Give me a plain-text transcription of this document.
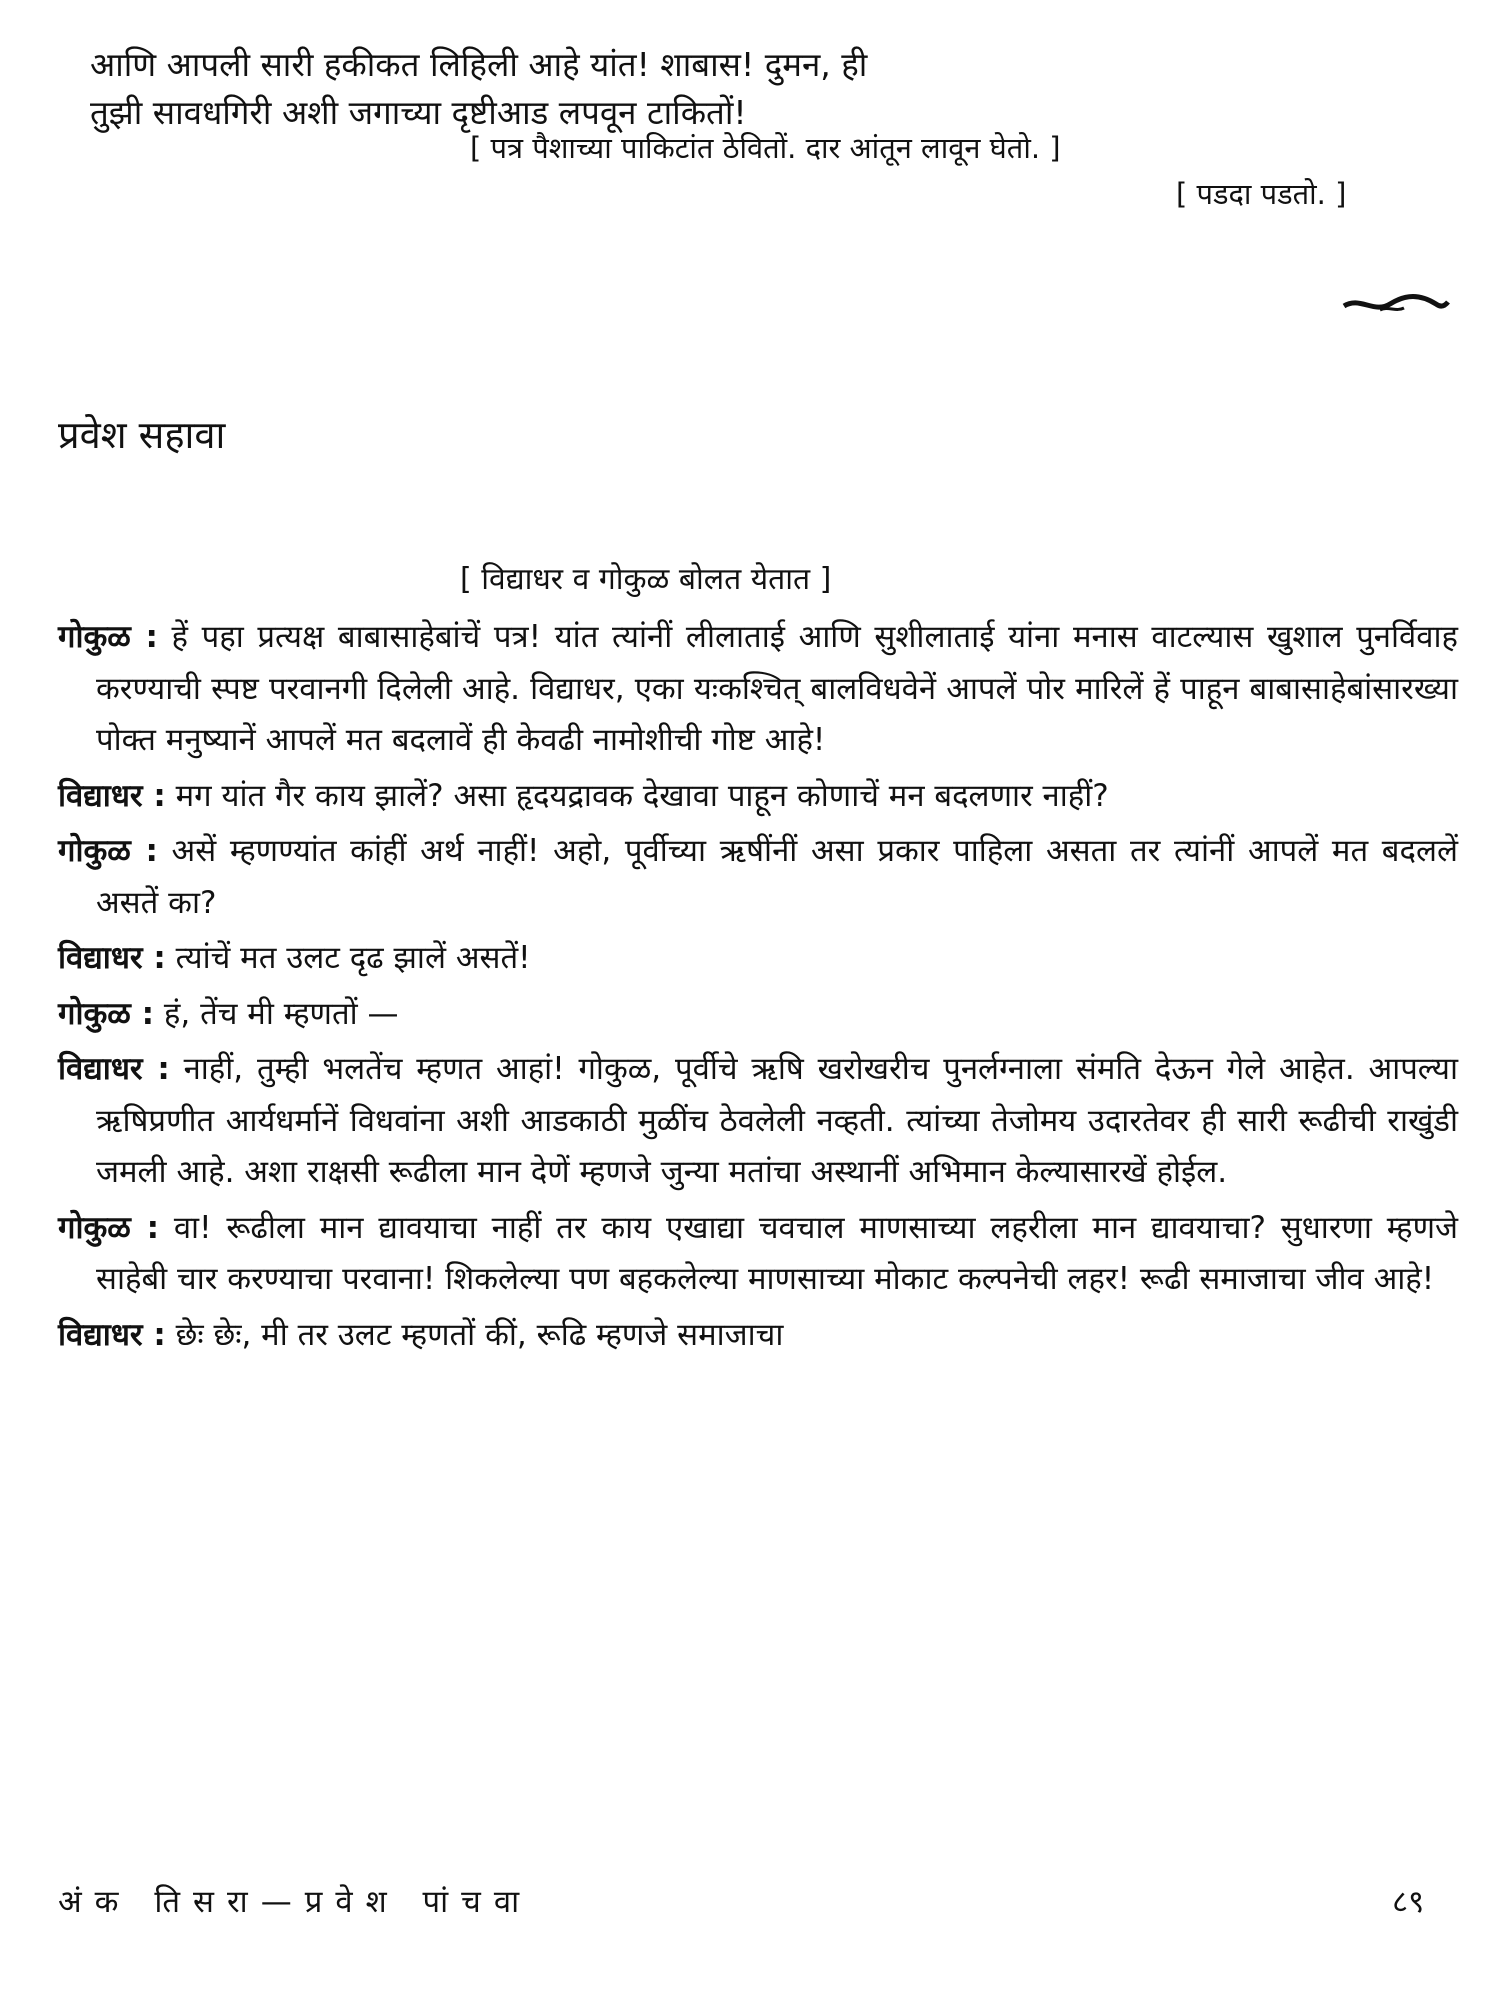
आणि आपली सारी हकीकत लिहिली आहे यांत! शाबास! दुमन, ही
तुझी सावधगिरी अशी जगाच्या दृष्टीआड लपवून टाकितों!
[ पत्र पैशाच्या पाकिटांत ठेवितों. दार आंतून लावून घेतो. ]
[ पडदा पडतो. ]
प्रवेश सहावा
[ विद्याधर व गोकुळ बोलत येतात ]

गोकुळ : हें पहा प्रत्यक्ष बाबासाहेबांचें पत्र! यांत त्यांनीं लीलाताई आणि सुशीलाताई यांना मनास वाटल्यास खुशाल पुनर्विवाह करण्याची स्पष्ट परवानगी दिलेली आहे. विद्याधर, एका यःकश्चित् बालविधवेनें आपलें पोर मारिलें हें पाहून बाबासाहेबांसारख्या पोक्त मनुष्यानें आपलें मत बदलावें ही केवढी नामोशीची गोष्ट आहे!

विद्याधर : मग यांत गैर काय झालें? असा हृदयद्रावक देखावा पाहून कोणाचें मन बदलणार नाहीं?

गोकुळ : असें म्हणण्यांत कांहीं अर्थ नाहीं! अहो, पूर्वीच्या ऋषींनीं असा प्रकार पाहिला असता तर त्यांनीं आपलें मत बदललें असतें का?

विद्याधर : त्यांचें मत उलट दृढ झालें असतें!

गोकुळ : हं, तेंच मी म्हणतों —

विद्याधर : नाहीं, तुम्ही भलतेंच म्हणत आहां! गोकुळ, पूर्वीचे ऋषि खरोखरीच पुनर्लग्नाला संमति देऊन गेले आहेत. आपल्या ऋषिप्रणीत आर्यधर्मानें विधवांना अशी आडकाठी मुळींच ठेवलेली नव्हती. त्यांच्या तेजोमय उदारतेवर ही सारी रूढीची राखुंडी जमली आहे. अशा राक्षसी रूढीला मान देणें म्हणजे जुन्या मतांचा अस्थानीं अभिमान केल्यासारखें होईल.

गोकुळ : वा! रूढीला मान द्यावयाचा नाहीं तर काय एखाद्या चवचाल माणसाच्या लहरीला मान द्यावयाचा? सुधारणा म्हणजे साहेबी चार करण्याचा परवाना! शिकलेल्या पण बहकलेल्या माणसाच्या मोकाट कल्पनेची लहर! रूढी समाजाचा जीव आहे!

विद्याधर : छेः छेः, मी तर उलट म्हणतों कीं, रूढि म्हणजे समाजाचा

अंक तिसरा—प्रवेश पांचवा	८९
